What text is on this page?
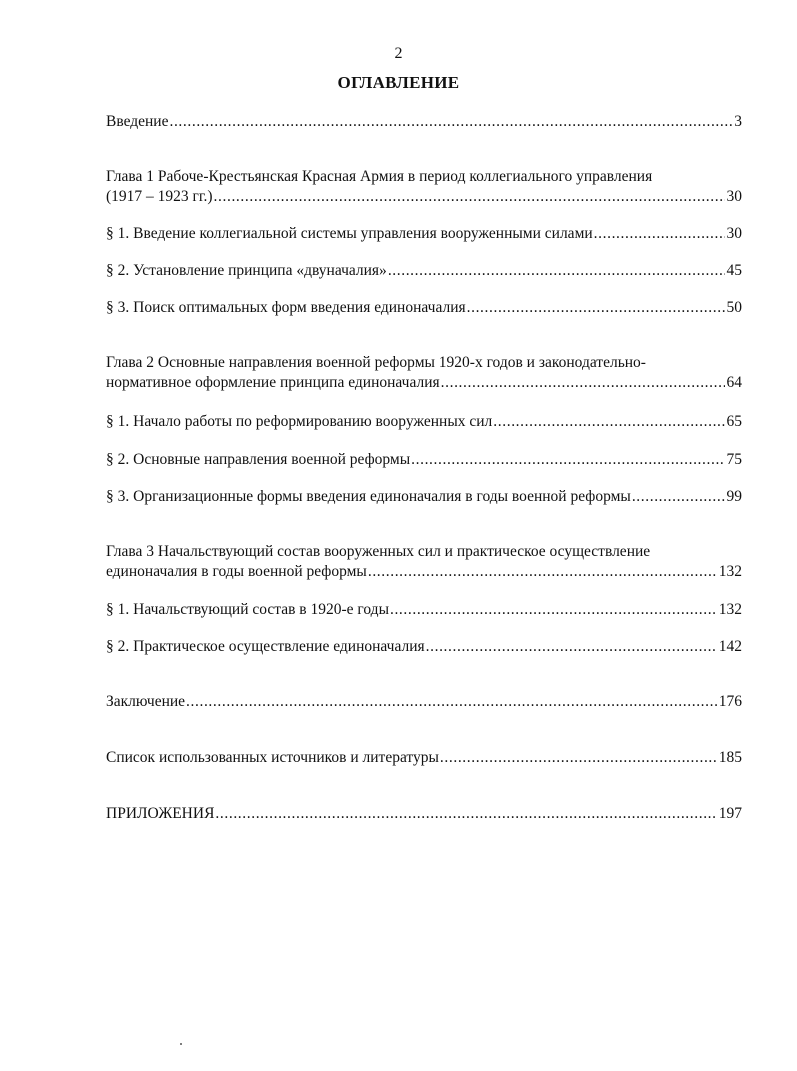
2
ОГЛАВЛЕНИЕ
Введение .....	3
Глава 1 Рабоче-Крестьянская Красная Армия в период коллегиального управления
(1917 – 1923 гг.) .....	30
§ 1. Введение коллегиальной системы управления вооруженными силами .....	30
§ 2. Установление принципа «двуначалия» .....	45
§ 3. Поиск оптимальных форм введения единоначалия .....	50
Глава 2 Основные направления военной реформы 1920-х годов и законодательно-
нормативное оформление принципа единоначалия .....	64
§ 1. Начало работы по реформированию вооруженных сил .....	65
§ 2. Основные направления военной реформы .....	75
§ 3. Организационные формы введения единоначалия в годы военной реформы .....	99
Глава 3 Начальствующий состав вооруженных сил и практическое осуществление
единоначалия в годы военной реформы .....	132
§ 1. Начальствующий состав в 1920-е годы .....	132
§ 2. Практическое осуществление единоначалия .....	142
Заключение .....	176
Список использованных источников и литературы .....	185
ПРИЛОЖЕНИЯ .....	197
